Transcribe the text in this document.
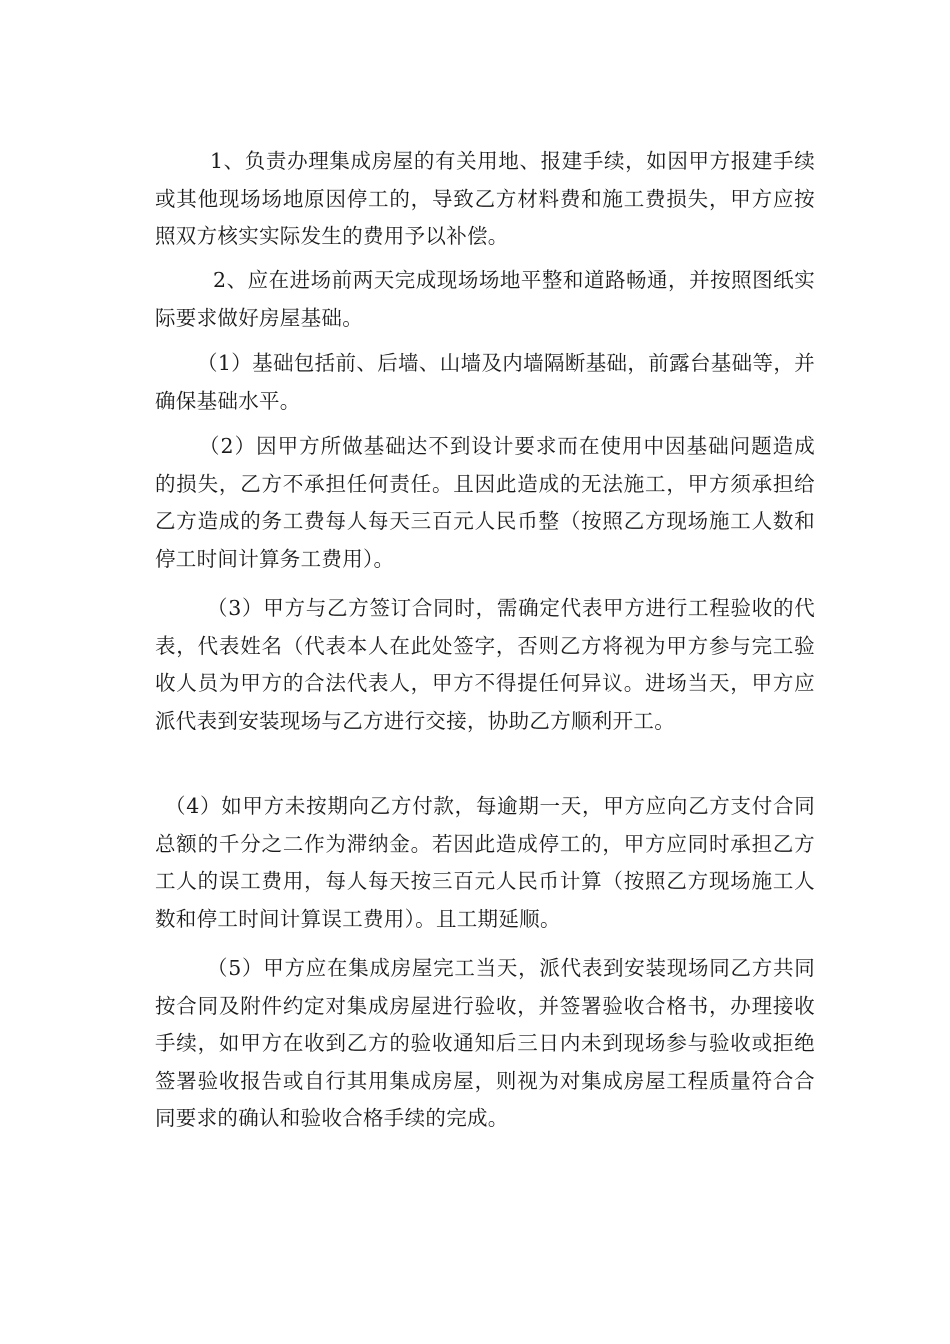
1、负责办理集成房屋的有关用地、报建手续，如因甲方报建手续或其他现场场地原因停工的，导致乙方材料费和施工费损失，甲方应按照双方核实实际发生的费用予以补偿。

2、应在进场前两天完成现场场地平整和道路畅通，并按照图纸实际要求做好房屋基础。

（1）基础包括前、后墙、山墙及内墙隔断基础，前露台基础等，并确保基础水平。

（2）因甲方所做基础达不到设计要求而在使用中因基础问题造成的损失，乙方不承担任何责任。且因此造成的无法施工，甲方须承担给乙方造成的务工费每人每天三百元人民币整（按照乙方现场施工人数和停工时间计算务工费用）。

（3）甲方与乙方签订合同时，需确定代表甲方进行工程验收的代表，代表姓名（代表本人在此处签字，否则乙方将视为甲方参与完工验收人员为甲方的合法代表人，甲方不得提任何异议。进场当天，甲方应派代表到安装现场与乙方进行交接，协助乙方顺利开工。

（4）如甲方未按期向乙方付款，每逾期一天，甲方应向乙方支付合同总额的千分之二作为滞纳金。若因此造成停工的，甲方应同时承担乙方工人的误工费用，每人每天按三百元人民币计算（按照乙方现场施工人数和停工时间计算误工费用）。且工期延顺。

（5）甲方应在集成房屋完工当天，派代表到安装现场同乙方共同按合同及附件约定对集成房屋进行验收，并签署验收合格书，办理接收手续，如甲方在收到乙方的验收通知后三日内未到现场参与验收或拒绝签署验收报告或自行其用集成房屋，则视为对集成房屋工程质量符合合同要求的确认和验收合格手续的完成。
